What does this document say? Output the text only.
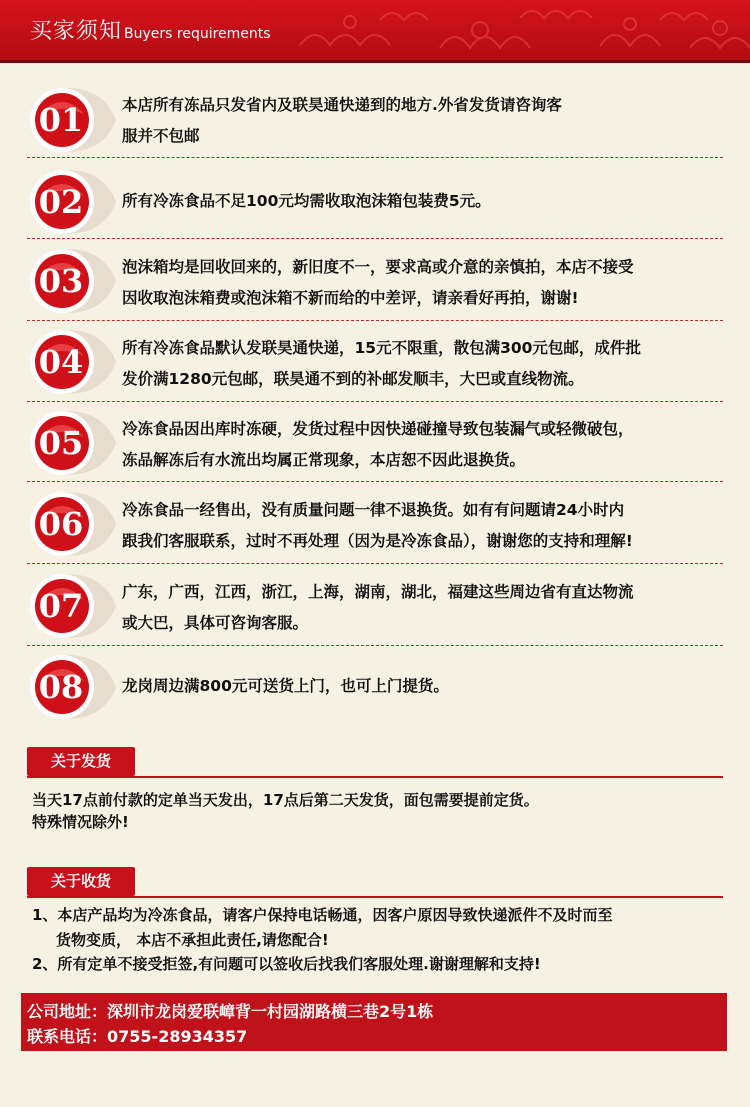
买家须知 Buyers requirements
01	本店所有冻品只发省内及联昊通快递到的地方.外省发货请咨询客
服并不包邮
02	所有冷冻食品不足100元均需收取泡沫箱包装费5元。
03	泡沫箱均是回收回来的，新旧度不一，要求高或介意的亲慎拍，本店不接受
因收取泡沫箱费或泡沫箱不新而给的中差评，请亲看好再拍，谢谢!
04	所有冷冻食品默认发联昊通快递，15元不限重，散包满300元包邮，成件批
发价满1280元包邮，联昊通不到的补邮发顺丰，大巴或直线物流。
05	冷冻食品因出库时冻硬，发货过程中因快递碰撞导致包装漏气或轻微破包，
冻品解冻后有水流出均属正常现象，本店恕不因此退换货。
06	冷冻食品一经售出，没有质量问题一律不退换货。如有有问题请24小时内
跟我们客服联系，过时不再处理（因为是冷冻食品），谢谢您的支持和理解!
07	广东，广西，江西，浙江，上海，湖南，湖北，福建这些周边省有直达物流
或大巴，具体可咨询客服。
08	龙岗周边满800元可送货上门，也可上门提货。
关于发货
当天17点前付款的定单当天发出，17点后第二天发货，面包需要提前定货。
特殊情况除外!
关于收货
1、本店产品均为冷冻食品，请客户保持电话畅通，因客户原因导致快递派件不及时而至
货物变质， 本店不承担此责任,请您配合!
2、所有定单不接受拒签,有问题可以签收后找我们客服处理.谢谢理解和支持!
公司地址：深圳市龙岗爱联嶂背一村园湖路横三巷2号1栋
联系电话：0755-28934357
